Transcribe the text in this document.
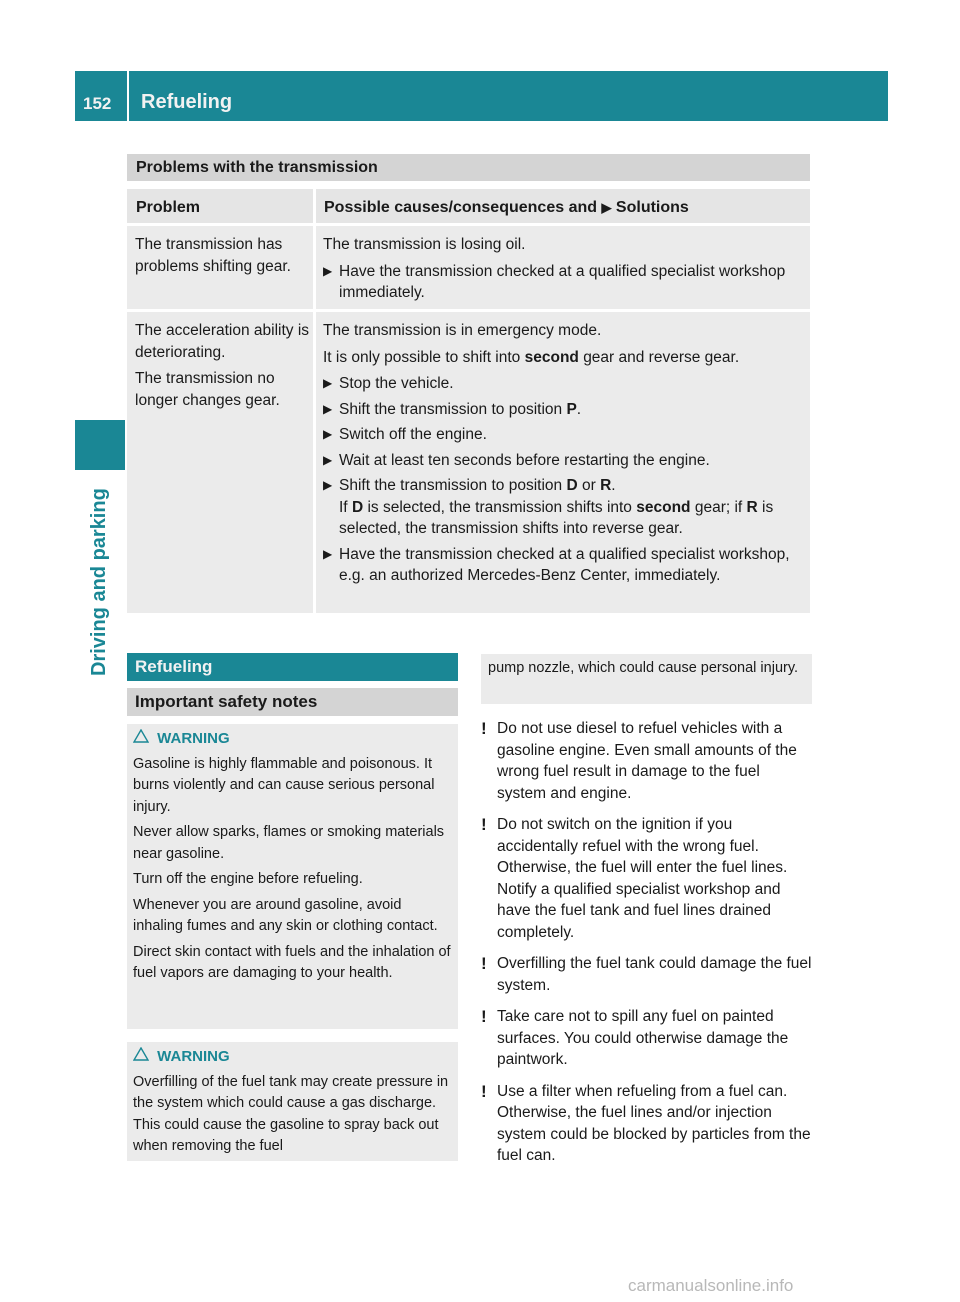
152 Refueling
Driving and parking
Problems with the transmission
Problem	Possible causes/consequences and ▶ Solutions
The transmission has problems shifting gear.

The transmission is losing oil.

▶ Have the transmission checked at a qualified specialist workshop immediately.

The acceleration ability is deteriorating.

The transmission no longer changes gear.

The transmission is in emergency mode.

It is only possible to shift into second gear and reverse gear.

▶ Stop the vehicle.
▶ Shift the transmission to position P.
▶ Switch off the engine.
▶ Wait at least ten seconds before restarting the engine.
▶ Shift the transmission to position D or R.
If D is selected, the transmission shifts into second gear; if R is selected, the transmission shifts into reverse gear.
▶ Have the transmission checked at a qualified specialist workshop, e.g. an authorized Mercedes-Benz Center, immediately.
Refueling
Important safety notes

WARNING

Gasoline is highly flammable and poisonous. It burns violently and can cause serious personal injury.

Never allow sparks, flames or smoking materials near gasoline.

Turn off the engine before refueling.

Whenever you are around gasoline, avoid inhaling fumes and any skin or clothing contact.

Direct skin contact with fuels and the inhalation of fuel vapors are damaging to your health.

WARNING

Overfilling of the fuel tank may create pressure in the system which could cause a gas discharge. This could cause the gasoline to spray back out when removing the fuel

pump nozzle, which could cause personal injury.
! Do not use diesel to refuel vehicles with a gasoline engine. Even small amounts of the wrong fuel result in damage to the fuel system and engine.
! Do not switch on the ignition if you accidentally refuel with the wrong fuel. Otherwise, the fuel will enter the fuel lines. Notify a qualified specialist workshop and have the fuel tank and fuel lines drained completely.
! Overfilling the fuel tank could damage the fuel system.
! Take care not to spill any fuel on painted surfaces. You could otherwise damage the paintwork.
! Use a filter when refueling from a fuel can. Otherwise, the fuel lines and/or injection system could be blocked by particles from the fuel can.
carmanualsonline.info
